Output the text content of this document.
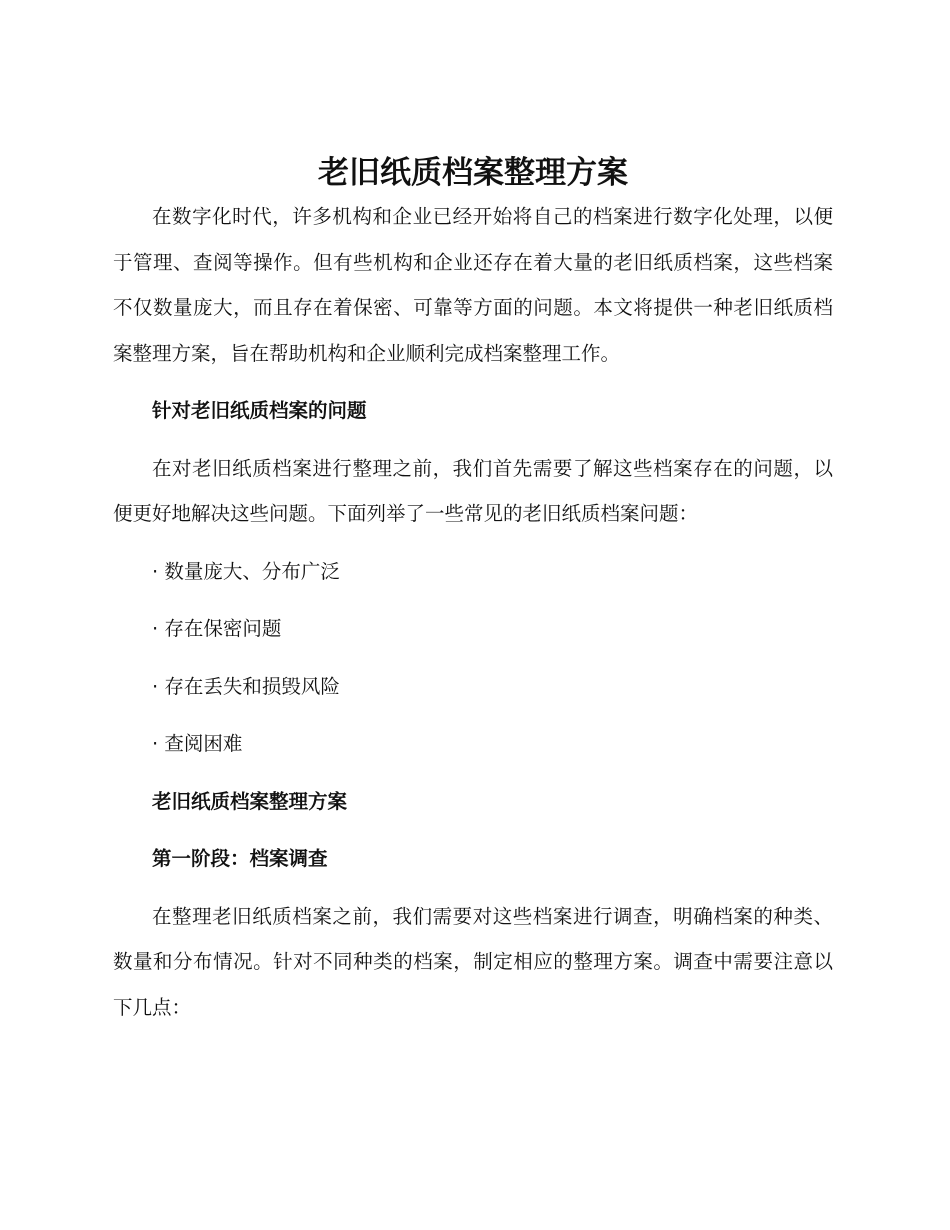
老旧纸质档案整理方案

在数字化时代，许多机构和企业已经开始将自己的档案进行数字化处理，以便于管理、查阅等操作。但有些机构和企业还存在着大量的老旧纸质档案，这些档案不仅数量庞大，而且存在着保密、可靠等方面的问题。本文将提供一种老旧纸质档案整理方案，旨在帮助机构和企业顺利完成档案整理工作。

针对老旧纸质档案的问题

在对老旧纸质档案进行整理之前，我们首先需要了解这些档案存在的问题，以便更好地解决这些问题。下面列举了一些常见的老旧纸质档案问题：

· 数量庞大、分布广泛

· 存在保密问题

· 存在丢失和损毁风险

· 查阅困难

老旧纸质档案整理方案

第一阶段：档案调查

在整理老旧纸质档案之前，我们需要对这些档案进行调查，明确档案的种类、数量和分布情况。针对不同种类的档案，制定相应的整理方案。调查中需要注意以下几点：
